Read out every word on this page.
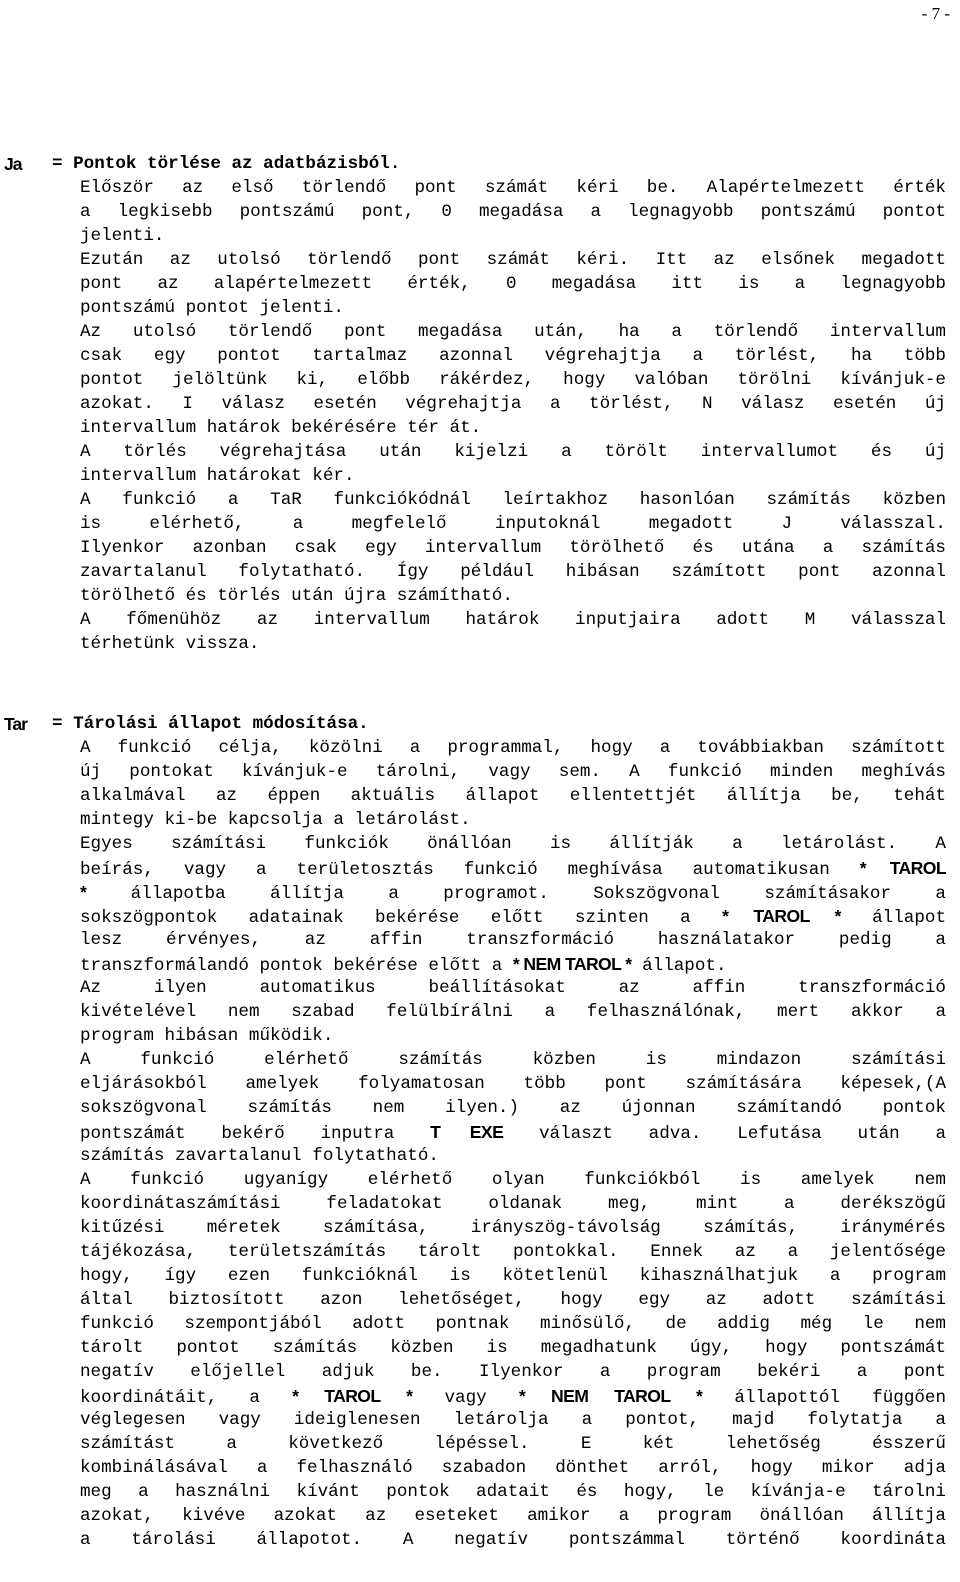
- 7 -
Ja = Pontok törlése az adatbázisból.
Először az első törlendő pont számát kéri be. Alapértelmezett érték
a legkisebb pontszámú pont, 0 megadása a legnagyobb pontszámú pontot
jelenti.
Ezután az utolsó törlendő pont számát kéri. Itt az elsőnek megadott
pont az alapértelmezett érték, 0 megadása itt is a legnagyobb
pontszámú pontot jelenti.
Az utolsó törlendő pont megadása után, ha a törlendő intervallum
csak egy pontot tartalmaz azonnal végrehajtja a törlést, ha több
pontot jelöltünk ki, előbb rákérdez, hogy valóban törölni kívánjuk-e
azokat. I válasz esetén végrehajtja a törlést, N válasz esetén új
intervallum határok bekérésére tér át.
A törlés végrehajtása után kijelzi a törölt intervallumot és új
intervallum határokat kér.
A funkció a TaR funkciókódnál leírtakhoz hasonlóan számítás közben
is elérhető, a megfelelő inputoknál megadott J válasszal.
Ilyenkor azonban csak egy intervallum törölhető és utána a számítás
zavartalanul folytatható. Így például hibásan számított pont azonnal
törölhető és törlés után újra számítható.
A főmenühöz az intervallum határok inputjaira adott M válasszal
térhetünk vissza.
Tar = Tárolási állapot módosítása.
A funkció célja, közölni a programmal, hogy a továbbiakban számított
új pontokat kívánjuk-e tárolni, vagy sem. A funkció minden meghívás
alkalmával az éppen aktuális állapot ellentettjét állítja be, tehát
mintegy ki-be kapcsolja a letárolást.
Egyes számítási funkciók önállóan is állítják a letárolást. A
beírás, vagy a területosztás funkció meghívása automatikusan * TAROL
*	állapotba állítja a programot. Sokszögvonal számításakor a
sokszögpontok adatainak bekérése előtt szinten a * TAROL * állapot
lesz érvényes, az affin transzformáció használatakor pedig a
transzformálandó pontok bekérése előtt a * NEM TAROL * állapot.
Az ilyen automatikus beállításokat az affin transzformáció
kivételével nem szabad felülbírálni a felhasználónak, mert akkor a
program hibásan működik.
A funkció elérhető számítás közben is mindazon számítási
eljárásokból amelyek folyamatosan több pont számítására képesek,(A
sokszögvonal számítás nem ilyen.) az újonnan számítandó pontok
pontszámát bekérő inputra T EXE választ adva. Lefutása után a
számítás zavartalanul folytatható.
A funkció ugyanígy elérhető olyan funkciókból is amelyek nem
koordinátaszámítási feladatokat oldanak meg, mint a derékszögű
kitűzési méretek számítása, irányszög-távolság számítás, iránymérés
tájékozása, területszámítás tárolt pontokkal. Ennek az a jelentősége
hogy, így ezen funkcióknál is kötetlenül kihasználhatjuk a program
által biztosított azon lehetőséget, hogy egy az adott számítási
funkció szempontjából adott pontnak minősülő, de addig még le nem
tárolt pontot számítás közben is megadhatunk úgy, hogy pontszámát
negatív előjellel adjuk be. Ilyenkor a program bekéri a pont
koordinátáit, a * TAROL * vagy * NEM TAROL * állapottól függően
véglegesen vagy ideiglenesen letárolja a pontot, majd folytatja a
számítást a következő lépéssel. E két lehetőség ésszerű
kombinálásával a felhasználó szabadon dönthet arról, hogy mikor adja
meg a használni kívánt pontok adatait és hogy, le kívánja-e tárolni
azokat, kivéve azokat az eseteket amikor a program önállóan állítja
a tárolási állapotot. A negatív pontszámmal történő koordináta
